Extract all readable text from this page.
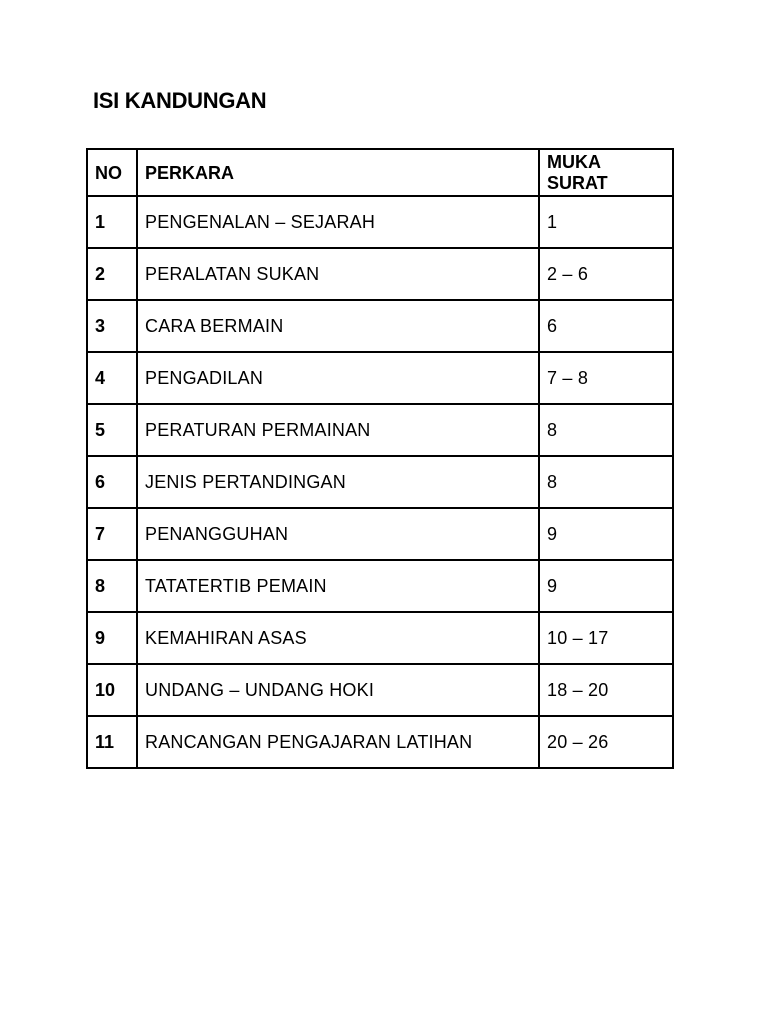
ISI KANDUNGAN
NO	PERKARA	MUKA
SURAT

1	PENGENALAN – SEJARAH	1
2	PERALATAN SUKAN	2 – 6
3	CARA BERMAIN	6
4	PENGADILAN	7 – 8
5	PERATURAN PERMAINAN	8
6	JENIS PERTANDINGAN	8
7	PENANGGUHAN	9
8	TATATERTIB PEMAIN	9
9	KEMAHIRAN ASAS	10 – 17
10	UNDANG – UNDANG HOKI	18 – 20
11	RANCANGAN PENGAJARAN LATIHAN	20 – 26
